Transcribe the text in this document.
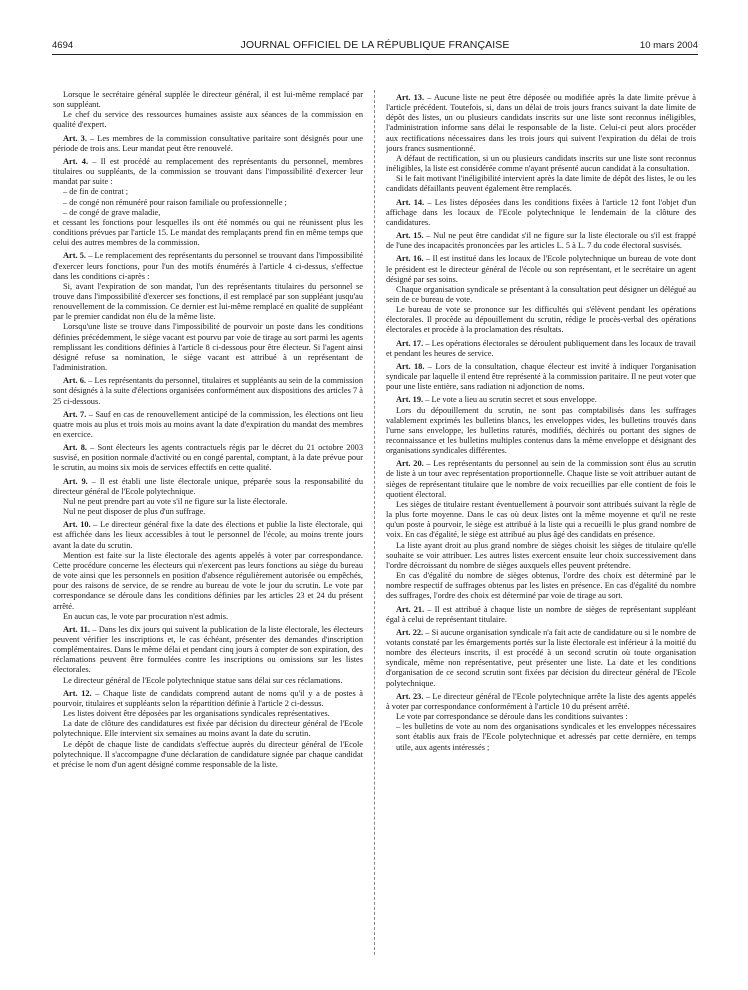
4694	JOURNAL OFFICIEL DE LA RÉPUBLIQUE FRANÇAISE	10 mars 2004

Lorsque le secrétaire général supplée le directeur général, il est lui-même remplacé par son suppléant.

Le chef du service des ressources humaines assiste aux séances de la commission en qualité d'expert.

Art. 3. – Les membres de la commission consultative paritaire sont désignés pour une période de trois ans. Leur mandat peut être renouvelé.

Art. 4. – Il est procédé au remplacement des représentants du personnel, membres titulaires ou suppléants, de la commission se trouvant dans l'impossibilité d'exercer leur mandat par suite :

– de fin de contrat ;

– de congé non rémunéré pour raison familiale ou professionnelle ;

– de congé de grave maladie,

et cessant les fonctions pour lesquelles ils ont été nommés ou qui ne réunissent plus les conditions prévues par l'article 15. Le mandat des remplaçants prend fin en même temps que celui des autres membres de la commission.

Art. 5. – Le remplacement des représentants du personnel se trouvant dans l'impossibilité d'exercer leurs fonctions, pour l'un des motifs énumérés à l'article 4 ci-dessus, s'effectue dans les conditions ci-après :

Si, avant l'expiration de son mandat, l'un des représentants titulaires du personnel se trouve dans l'impossibilité d'exercer ses fonctions, il est remplacé par son suppléant jusqu'au renouvellement de la commission. Ce dernier est lui-même remplacé en qualité de suppléant par le premier candidat non élu de la même liste.

Lorsqu'une liste se trouve dans l'impossibilité de pourvoir un poste dans les conditions définies précédemment, le siège vacant est pourvu par voie de tirage au sort parmi les agents remplissant les conditions définies à l'article 8 ci-dessous pour être électeur. Si l'agent ainsi désigné refuse sa nomination, le siège vacant est attribué à un représentant de l'administration.

Art. 6. – Les représentants du personnel, titulaires et suppléants au sein de la commission sont désignés à la suite d'élections organisées conformément aux dispositions des articles 7 à 25 ci-dessous.

Art. 7. – Sauf en cas de renouvellement anticipé de la commission, les élections ont lieu quatre mois au plus et trois mois au moins avant la date d'expiration du mandat des membres en exercice.

Art. 8. – Sont électeurs les agents contractuels régis par le décret du 21 octobre 2003 susvisé, en position normale d'activité ou en congé parental, comptant, à la date prévue pour le scrutin, au moins six mois de services effectifs en cette qualité.

Art. 9. – Il est établi une liste électorale unique, préparée sous la responsabilité du directeur général de l'Ecole polytechnique.

Nul ne peut prendre part au vote s'il ne figure sur la liste électorale.

Nul ne peut disposer de plus d'un suffrage.

Art. 10. – Le directeur général fixe la date des élections et publie la liste électorale, qui est affichée dans les lieux accessibles à tout le personnel de l'école, au moins trente jours avant la date du scrutin.

Mention est faite sur la liste électorale des agents appelés à voter par correspondance. Cette procédure concerne les électeurs qui n'exercent pas leurs fonctions au siège du bureau de vote ainsi que les personnels en position d'absence régulièrement autorisée ou empêchés, pour des raisons de service, de se rendre au bureau de vote le jour du scrutin. Le vote par correspondance se déroule dans les conditions définies par les articles 23 et 24 du présent arrêté.

En aucun cas, le vote par procuration n'est admis.

Art. 11. – Dans les dix jours qui suivent la publication de la liste électorale, les électeurs peuvent vérifier les inscriptions et, le cas échéant, présenter des demandes d'inscription complémentaires. Dans le même délai et pendant cinq jours à compter de son expiration, des réclamations peuvent être formulées contre les inscriptions ou omissions sur les listes électorales.

Le directeur général de l'Ecole polytechnique statue sans délai sur ces réclamations.

Art. 12. – Chaque liste de candidats comprend autant de noms qu'il y a de postes à pourvoir, titulaires et suppléants selon la répartition définie à l'article 2 ci-dessus.

Les listes doivent être déposées par les organisations syndicales représentatives.

La date de clôture des candidatures est fixée par décision du directeur général de l'Ecole polytechnique. Elle intervient six semaines au moins avant la date du scrutin.

Le dépôt de chaque liste de candidats s'effectue auprès du directeur général de l'Ecole polytechnique. Il s'accompagne d'une déclaration de candidature signée par chaque candidat et précise le nom d'un agent désigné comme responsable de la liste.

Art. 13. – Aucune liste ne peut être déposée ou modifiée après la date limite prévue à l'article précédent. Toutefois, si, dans un délai de trois jours francs suivant la date limite de dépôt des listes, un ou plusieurs candidats inscrits sur une liste sont reconnus inéligibles, l'administration informe sans délai le responsable de la liste. Celui-ci peut alors procéder aux rectifications nécessaires dans les trois jours qui suivent l'expiration du délai de trois jours francs susmentionné.

A défaut de rectification, si un ou plusieurs candidats inscrits sur une liste sont reconnus inéligibles, la liste est considérée comme n'ayant présenté aucun candidat à la consultation.

Si le fait motivant l'inéligibilité intervient après la date limite de dépôt des listes, le ou les candidats défaillants peuvent également être remplacés.

Art. 14. – Les listes déposées dans les conditions fixées à l'article 12 font l'objet d'un affichage dans les locaux de l'Ecole polytechnique le lendemain de la clôture des candidatures.

Art. 15. – Nul ne peut être candidat s'il ne figure sur la liste électorale ou s'il est frappé de l'une des incapacités prononcées par les articles L. 5 à L. 7 du code électoral susvisés.

Art. 16. – Il est institué dans les locaux de l'Ecole polytechnique un bureau de vote dont le président est le directeur général de l'école ou son représentant, et le secrétaire un agent désigné par ses soins.

Chaque organisation syndicale se présentant à la consultation peut désigner un délégué au sein de ce bureau de vote.

Le bureau de vote se prononce sur les difficultés qui s'élèvent pendant les opérations électorales. Il procède au dépouillement du scrutin, rédige le procès-verbal des opérations électorales et procède à la proclamation des résultats.

Art. 17. – Les opérations électorales se déroulent publiquement dans les locaux de travail et pendant les heures de service.

Art. 18. – Lors de la consultation, chaque électeur est invité à indiquer l'organisation syndicale par laquelle il entend être représenté à la commission paritaire. Il ne peut voter que pour une liste entière, sans radiation ni adjonction de noms.

Art. 19. – Le vote a lieu au scrutin secret et sous enveloppe.

Lors du dépouillement du scrutin, ne sont pas comptabilisés dans les suffrages valablement exprimés les bulletins blancs, les enveloppes vides, les bulletins trouvés dans l'urne sans enveloppe, les bulletins raturés, modifiés, déchirés ou portant des signes de reconnaissance et les bulletins multiples contenus dans la même enveloppe et désignant des organisations syndicales différentes.

Art. 20. – Les représentants du personnel au sein de la commission sont élus au scrutin de liste à un tour avec représentation proportionnelle. Chaque liste se voit attribuer autant de sièges de représentant titulaire que le nombre de voix recueillies par elle contient de fois le quotient électoral.

Les sièges de titulaire restant éventuellement à pourvoir sont attribués suivant la règle de la plus forte moyenne. Dans le cas où deux listes ont la même moyenne et qu'il ne reste qu'un poste à pourvoir, le siège est attribué à la liste qui a recueilli le plus grand nombre de voix. En cas d'égalité, le siège est attribué au plus âgé des candidats en présence.

La liste ayant droit au plus grand nombre de sièges choisit les sièges de titulaire qu'elle souhaite se voir attribuer. Les autres listes exercent ensuite leur choix successivement dans l'ordre décroissant du nombre de sièges auxquels elles peuvent prétendre.

En cas d'égalité du nombre de sièges obtenus, l'ordre des choix est déterminé par le nombre respectif de suffrages obtenus par les listes en présence. En cas d'égalité du nombre des suffrages, l'ordre des choix est déterminé par voie de tirage au sort.

Art. 21. – Il est attribué à chaque liste un nombre de sièges de représentant suppléant égal à celui de représentant titulaire.

Art. 22. – Si aucune organisation syndicale n'a fait acte de candidature ou si le nombre de votants constaté par les émargements portés sur la liste électorale est inférieur à la moitié du nombre des électeurs inscrits, il est procédé à un second scrutin où toute organisation syndicale, même non représentative, peut présenter une liste. La date et les conditions d'organisation de ce second scrutin sont fixées par décision du directeur général de l'Ecole polytechnique.

Art. 23. – Le directeur général de l'Ecole polytechnique arrête la liste des agents appelés à voter par correspondance conformément à l'article 10 du présent arrêté.

Le vote par correspondance se déroule dans les conditions suivantes :

– les bulletins de vote au nom des organisations syndicales et les enveloppes nécessaires sont établis aux frais de l'Ecole polytechnique et adressés par cette dernière, en temps utile, aux agents intéressés ;
